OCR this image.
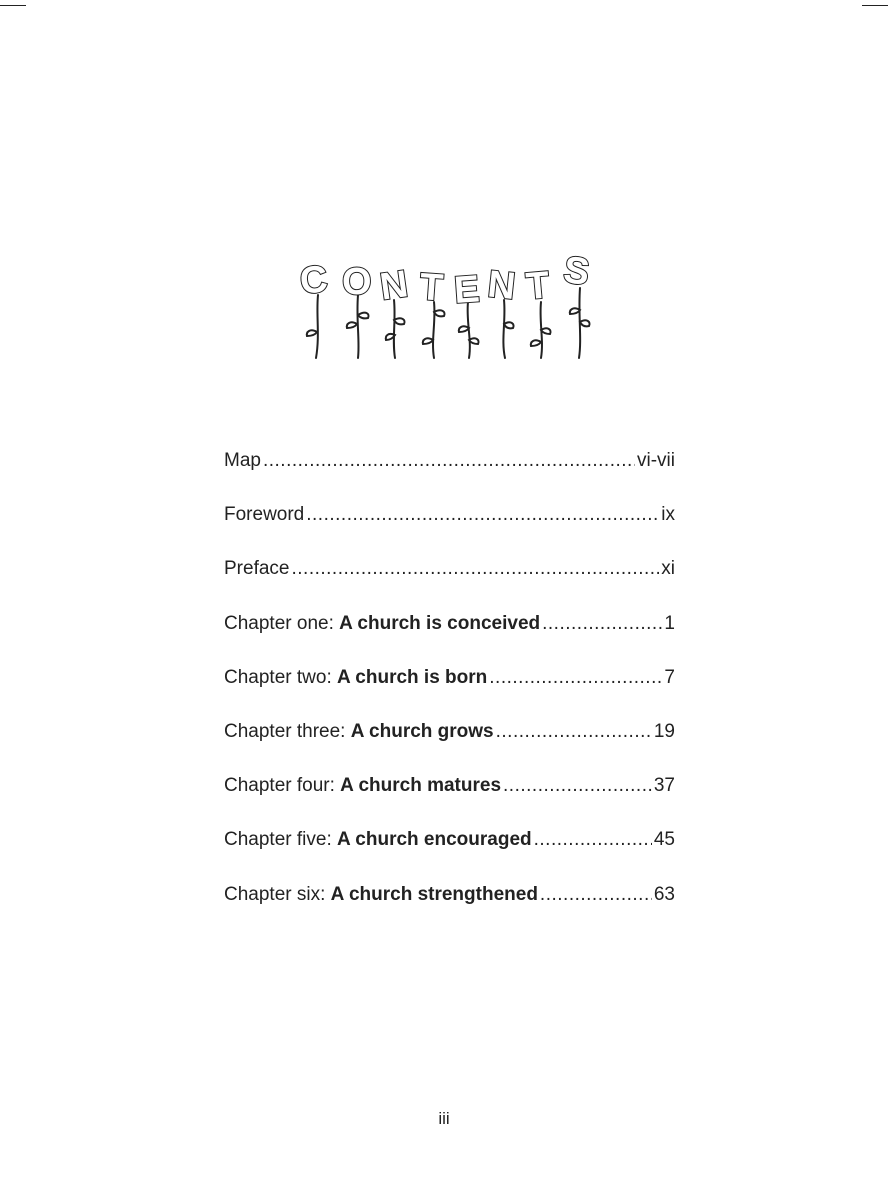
C O N T E N T S
Map .....	vi-vii
Foreword .....	ix
Preface .....	xi
Chapter one: A church is conceived .....	1
Chapter two: A church is born .....	7
Chapter three: A church grows .....	19
Chapter four: A church matures .....	37
Chapter five: A church encouraged .....	45
Chapter six: A church strengthened .....	63
iii
